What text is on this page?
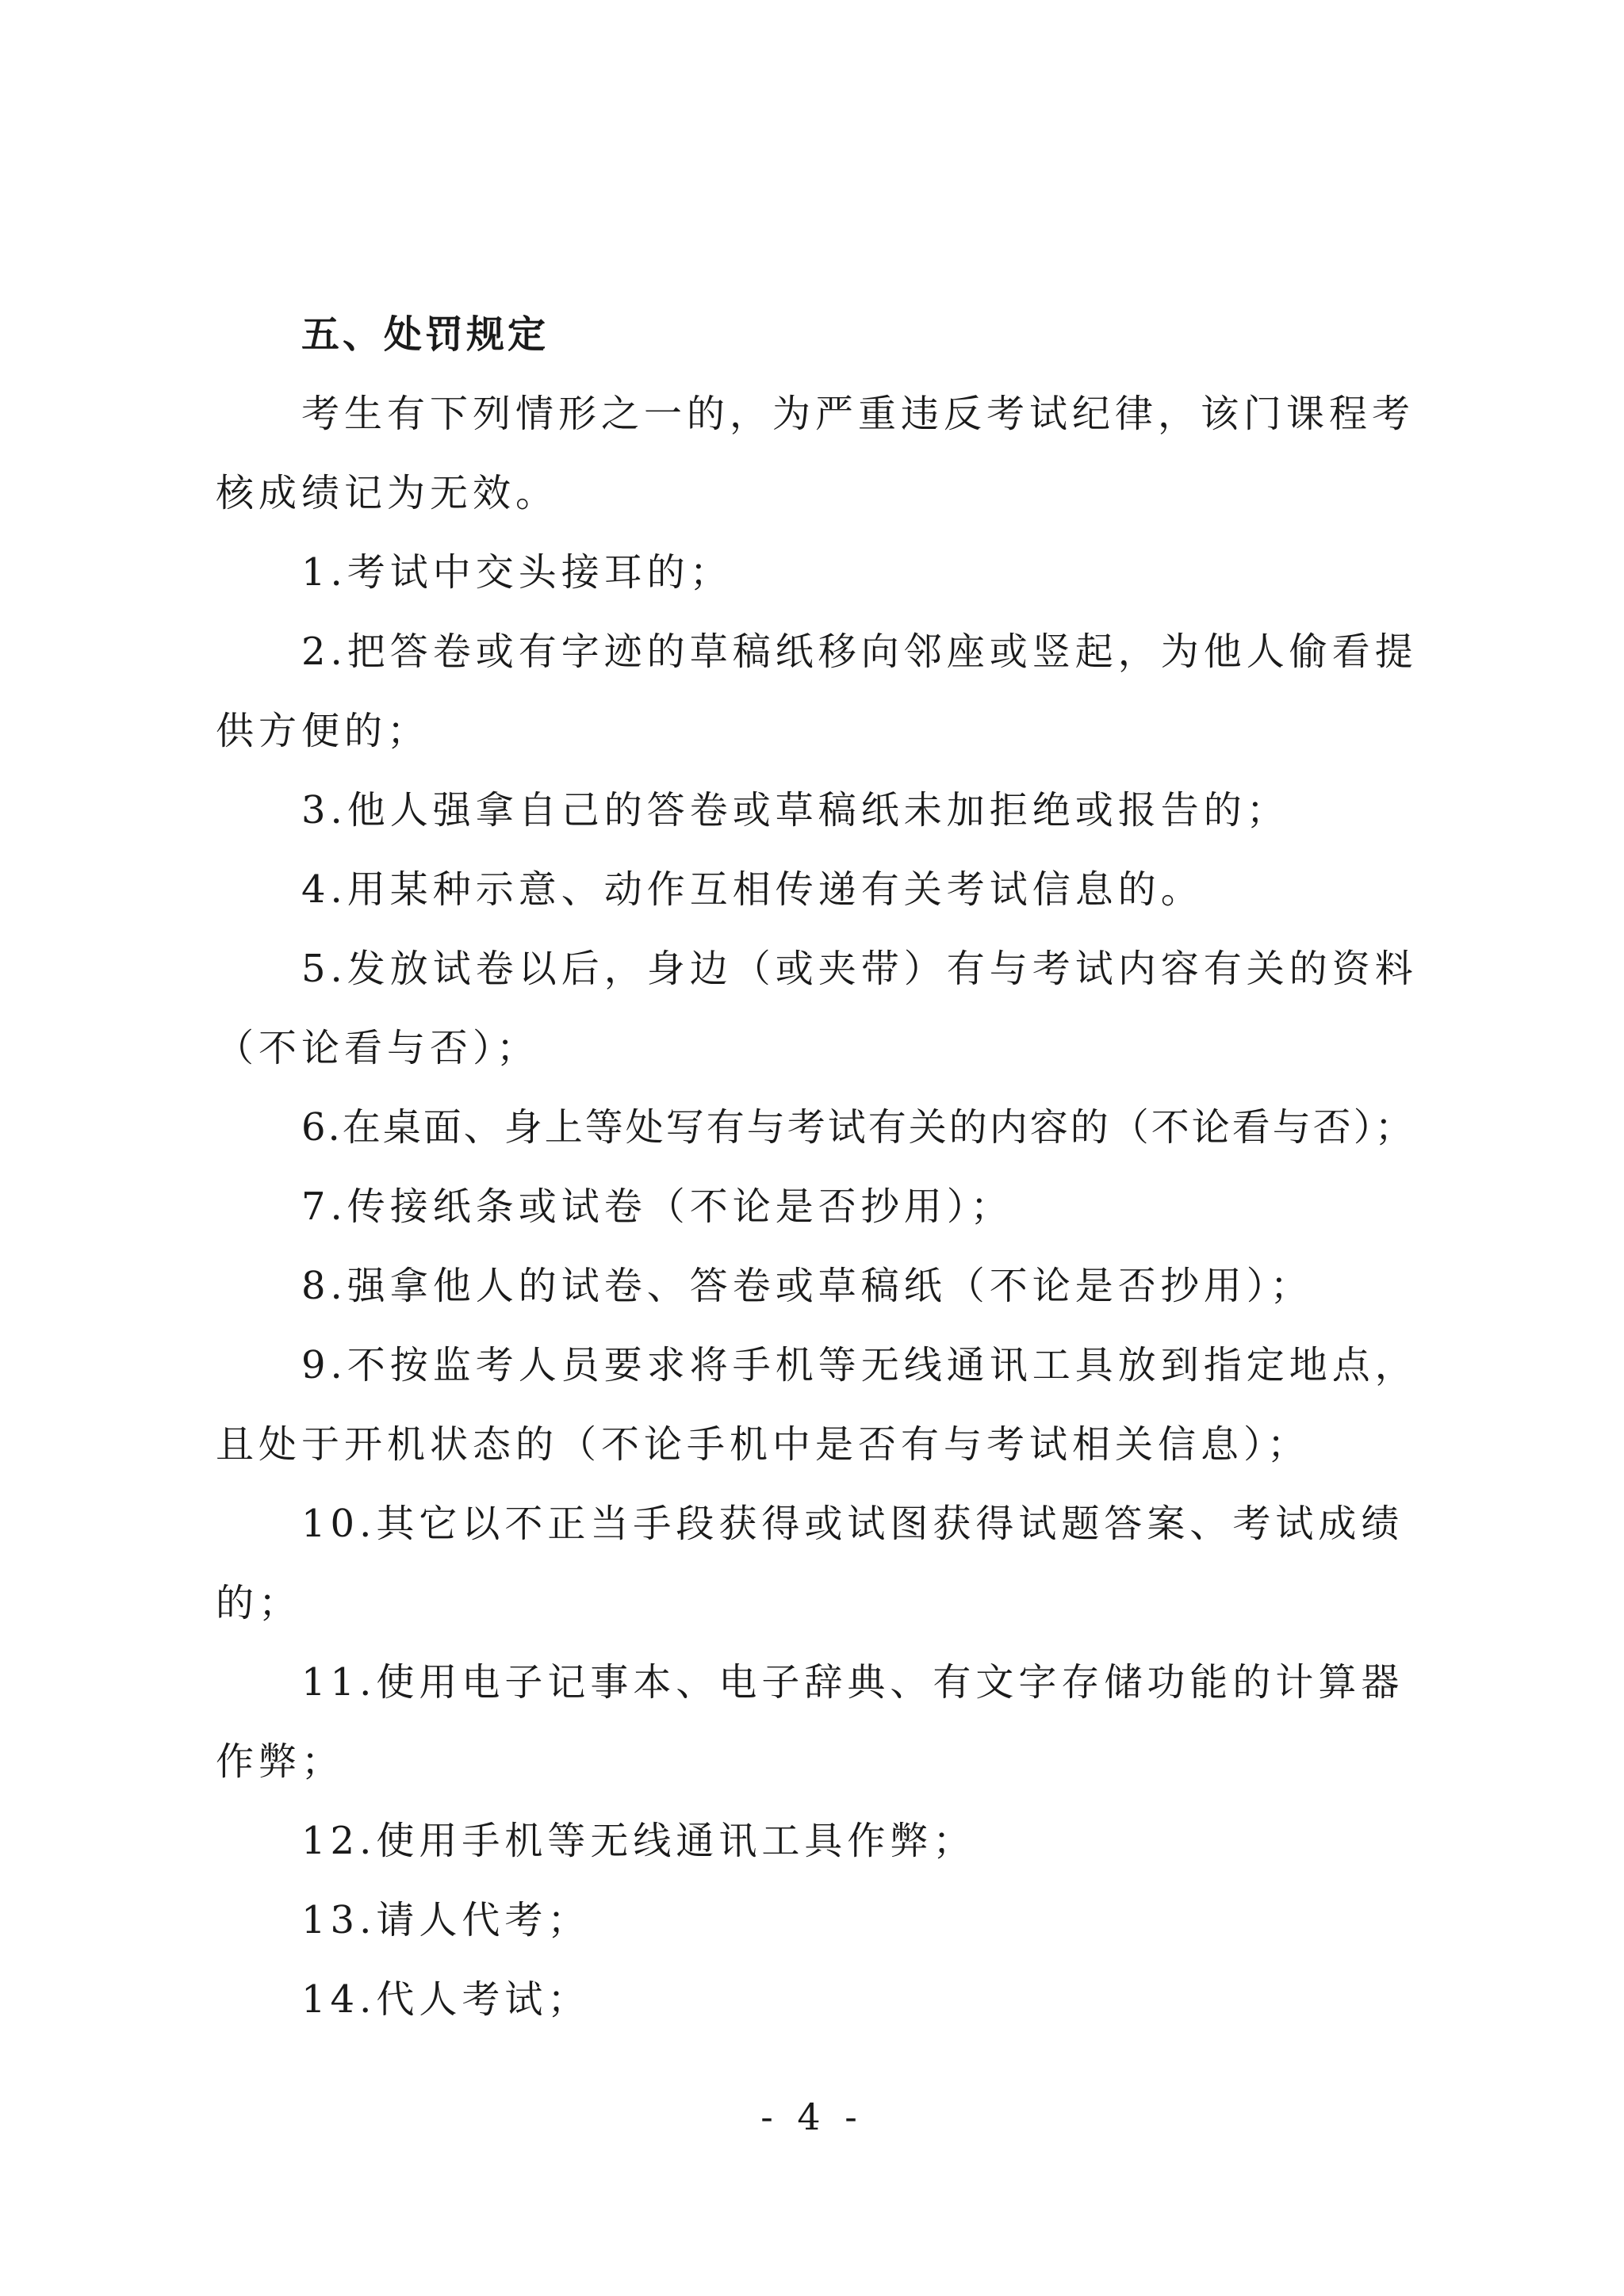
五、处罚规定
考生有下列情形之一的，为严重违反考试纪律，该门课程考
核成绩记为无效。
1.考试中交头接耳的；
2.把答卷或有字迹的草稿纸移向邻座或竖起，为他人偷看提
供方便的；
3.他人强拿自己的答卷或草稿纸未加拒绝或报告的；
4.用某种示意、动作互相传递有关考试信息的。
5.发放试卷以后，身边（或夹带）有与考试内容有关的资料
（不论看与否）；
6.在桌面、身上等处写有与考试有关的内容的（不论看与否）；
7.传接纸条或试卷（不论是否抄用）；
8.强拿他人的试卷、答卷或草稿纸（不论是否抄用）；
9.不按监考人员要求将手机等无线通讯工具放到指定地点，
且处于开机状态的（不论手机中是否有与考试相关信息）；
10.其它以不正当手段获得或试图获得试题答案、考试成绩
的；
11.使用电子记事本、电子辞典、有文字存储功能的计算器
作弊；
12.使用手机等无线通讯工具作弊；
13.请人代考；
14.代人考试；
- 4 -
